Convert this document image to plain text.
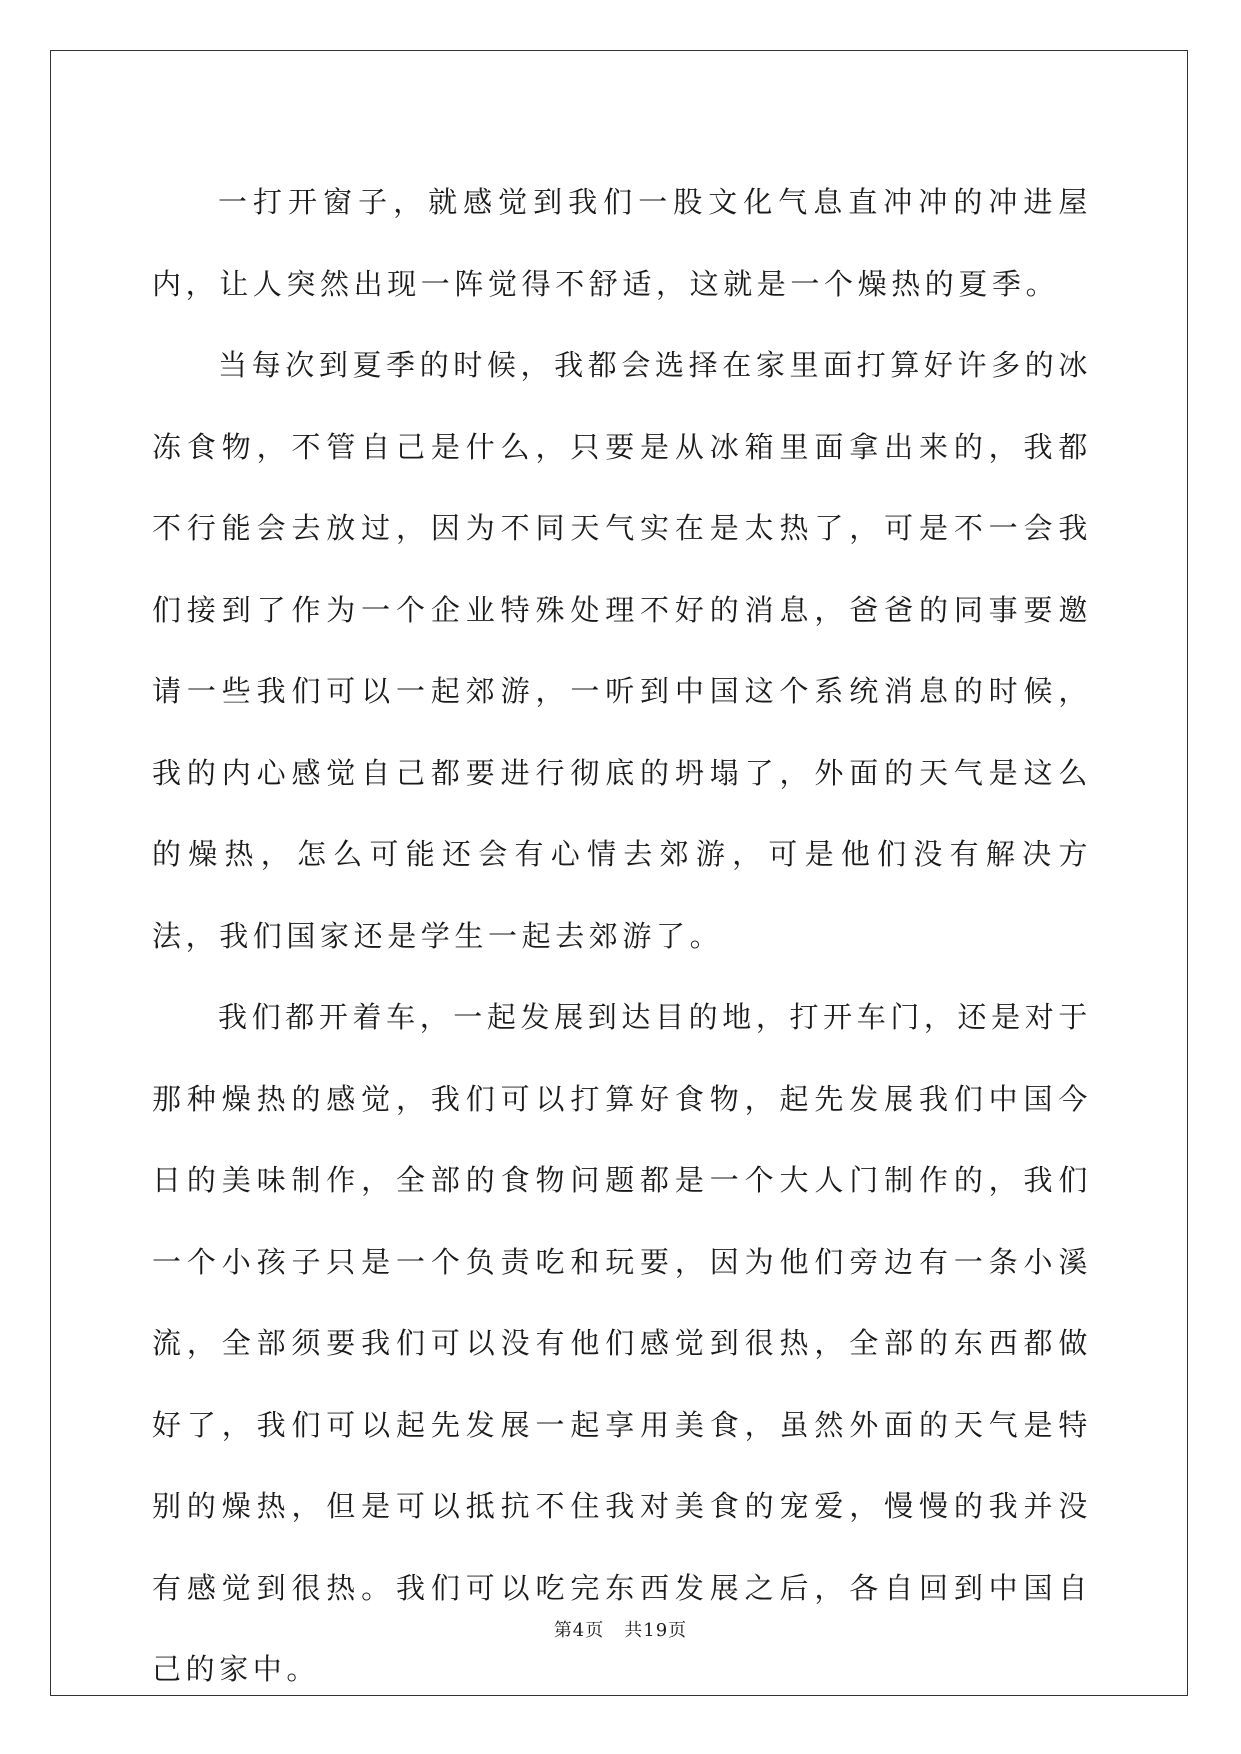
一打开窗子，就感觉到我们一股文化气息直冲冲的冲进屋内，让人突然出现一阵觉得不舒适，这就是一个燥热的夏季。

当每次到夏季的时候，我都会选择在家里面打算好许多的冰冻食物，不管自己是什么，只要是从冰箱里面拿出来的，我都不行能会去放过，因为不同天气实在是太热了，可是不一会我们接到了作为一个企业特殊处理不好的消息，爸爸的同事要邀请一些我们可以一起郊游，一听到中国这个系统消息的时候，我的内心感觉自己都要进行彻底的坍塌了，外面的天气是这么的燥热，怎么可能还会有心情去郊游，可是他们没有解决方法，我们国家还是学生一起去郊游了。

我们都开着车，一起发展到达目的地，打开车门，还是对于那种燥热的感觉，我们可以打算好食物，起先发展我们中国今日的美味制作，全部的食物问题都是一个大人门制作的，我们一个小孩子只是一个负责吃和玩要，因为他们旁边有一条小溪流，全部须要我们可以没有他们感觉到很热，全部的东西都做好了，我们可以起先发展一起享用美食，虽然外面的天气是特别的燥热，但是可以抵抗不住我对美食的宠爱，慢慢的我并没有感觉到很热。我们可以吃完东西发展之后，各自回到中国自己的家中。

第4页 共19页
